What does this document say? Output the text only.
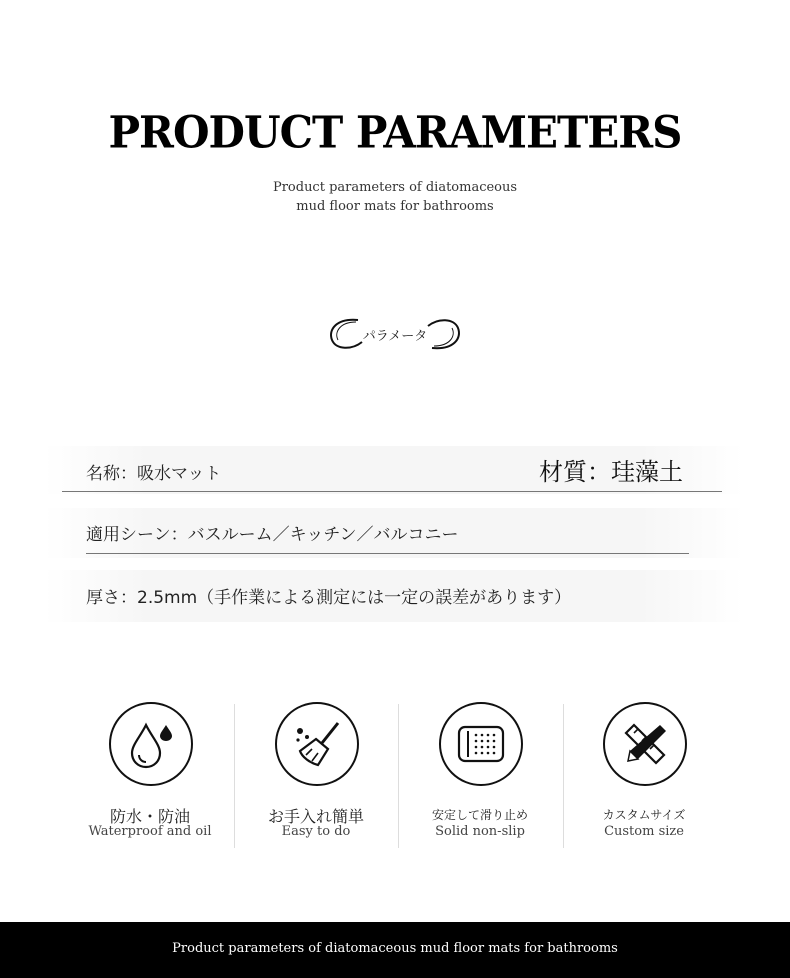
PRODUCT PARAMETERS
Product parameters of diatomaceous
mud floor mats for bathrooms
パラメータ
名称：吸水マット	材質：珪藻土
適用シーン：バスルーム／キッチン／バルコニー
厚さ：2.5mm（手作業による測定には一定の誤差があります）
防水・防油
Waterproof and oil
お手入れ簡単
Easy to do
安定して滑り止め
Solid non-slip
カスタムサイズ
Custom size
Product parameters of diatomaceous mud floor mats for bathrooms
